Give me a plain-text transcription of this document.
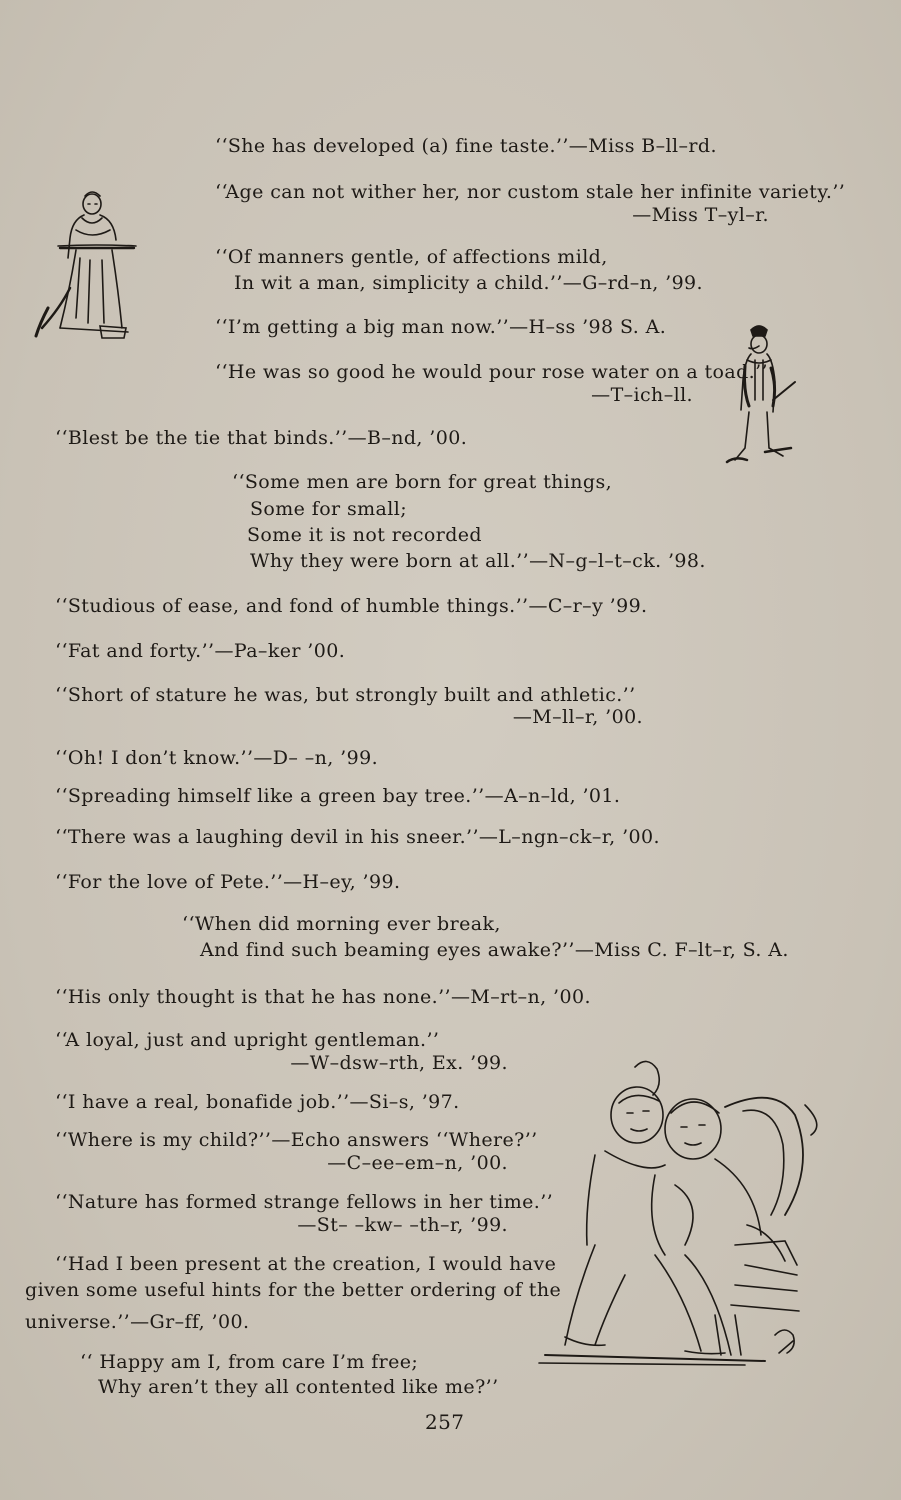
‘‘She has developed (a) fine taste.’’—Miss B–ll–rd.
‘‘Age can not wither her, nor custom stale her infinite variety.’’
—Miss T–yl–r.
‘‘Of manners gentle, of affections mild,
In wit a man, simplicity a child.’’—G–rd–n, ’99.
‘‘I’m getting a big man now.’’—H–ss ’98 S. A.
‘‘He was so good he would pour rose water on a toad.’’
—T–ich–ll.
‘‘Blest be the tie that binds.’’—B–nd, ’00.
‘‘Some men are born for great things,
Some for small;
Some it is not recorded
Why they were born at all.’’—N–g–l–t–ck. ’98.
‘‘Studious of ease, and fond of humble things.’’—C–r–y ’99.
‘‘Fat and forty.’’—Pa–ker ’00.
‘‘Short of stature he was, but strongly built and athletic.’’
—M–ll–r, ’00.
‘‘Oh! I don’t know.’’—D– –n, ’99.
‘‘Spreading himself like a green bay tree.’’—A–n–ld, ’01.
‘‘There was a laughing devil in his sneer.’’—L–ngn–ck–r, ’00.
‘‘For the love of Pete.’’—H–ey, ’99.
‘‘When did morning ever break,
And find such beaming eyes awake?’’—Miss C. F–lt–r, S. A.
‘‘His only thought is that he has none.’’—M–rt–n, ’00.
‘‘A loyal, just and upright gentleman.’’
—W–dsw–rth, Ex. ’99.
‘‘I have a real, bonafide job.’’—Si–s, ’97.
‘‘Where is my child?’’—Echo answers ‘‘Where?’’
—C–ee–em–n, ’00.
‘‘Nature has formed strange fellows in her time.’’
—St– –kw– –th–r, ’99.
‘‘Had I been present at the creation, I would have
given some useful hints for the better ordering of the
universe.’’—Gr–ff, ’00.
‘‘ Happy am I, from care I’m free;
Why aren’t they all contented like me?’’
257
